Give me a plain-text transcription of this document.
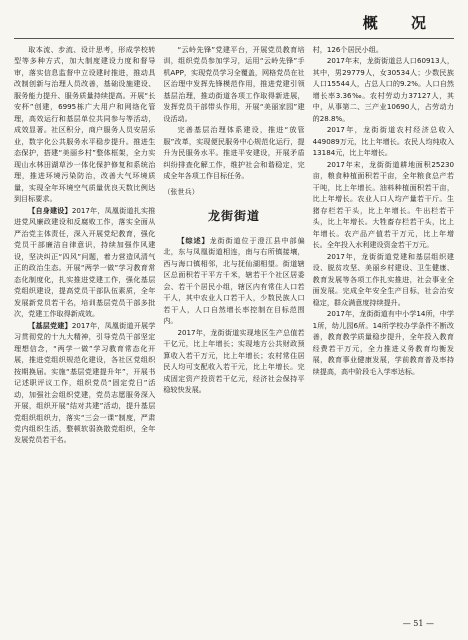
概 况

取本流、步流、设计思考，形成学校转型等多种方式，加大制度建设力度和督导审，落实信息监督中立设建时推进，推动具改制创新与治理人员改善，基础设施建设、服务能力提升、服务质量持续提高。开展“长安杯”创建，6995栋广大用户和网络化管理，高效运行和基层单位共同参与等活动，成效显著。社区积分，商户服务人员安居乐业，数字化公共服务水平稳步提升。推进生态保护，搭建“美丽乡村”整体框架，全力实现山水林田湖草沙一体化保护修复和系统治理，推进环境污染防治，改善大气环境质量，实现全年环境空气质量优良天数比例达到目标要求。

【自身建设】2017年，凤凰街道扎实推进党风廉政建设和反腐败工作，落实全面从严治党主体责任，深入开展党纪教育，强化党员干部廉洁自律意识，持续加强作风建设，坚决纠正“四风”问题，着力营造风清气正的政治生态。开展“两学一做”学习教育常态化制度化，扎实推进党建工作，强化基层党组织建设，提高党员干部队伍素质，全年发展新党员若干名，培训基层党员干部多批次，党建工作取得新成效。

【基层党建】2017年，凤凰街道开展学习贯彻党的十九大精神，引导党员干部坚定理想信念，“两学一做”学习教育常态化开展，推进党组织规范化建设，各社区党组织按期换届。实施“基层党建提升年”，开展书记述职评议工作，组织党员“固定党日”活动，加强社会组织党建，党员志愿服务深入开展，组织开展“结对共建”活动，提升基层党组织组织力，落实“三会一课”制度，严肃党内组织生活，整顿软弱涣散党组织，全年发展党员若干名。

“云岭先锋”党建平台，开展党员教育培训，组织党员参加学习，运用“云岭先锋”手机APP，实现党员学习全覆盖，网格党员在社区治理中发挥先锋模范作用，推进党建引领基层治理，推动街道各项工作取得新进展，发挥党员干部带头作用，开展“美丽家园”建设活动。

完善基层治理体系建设，推进“放管服”改革，实现便民服务中心规范化运行，提升为民服务水平。推进平安建设，开展矛盾纠纷排查化解工作，维护社会和谐稳定，完成全年各项工作目标任务。

（张世兵）

龙街街道

【综述】龙街街道位于澄江县中部偏北，东与凤凰街道相连，南与右所镇接壤，西与海口镇相邻，北与抚仙湖相望。街道辖区总面积若干平方千米，辖若干个社区居委会、若干个居民小组，辖区内有常住人口若干人，其中农业人口若干人，少数民族人口若干人，人口自然增长率控制在目标范围内。

2017年，龙街街道实现地区生产总值若干亿元，比上年增长；实现地方公共财政预算收入若干万元，比上年增长；农村常住居民人均可支配收入若干元，比上年增长。完成固定资产投资若干亿元，经济社会保持平稳较快发展。

村，126个居民小组。

2017年末，龙街街道总人口60913人，其中，男29779人，女30534人；少数民族人口15544人，占总人口的9.2%。人口自然增长率3.36‰。农村劳动力37127人，其中，从事第二、三产业10690人，占劳动力的28.8%。

2017年，龙街街道农村经济总收入449089万元，比上年增长。农民人均纯收入13184元，比上年增长。

2017年末，龙街街道耕地面积25230亩，粮食种植面积若干亩，全年粮食总产若干吨，比上年增长。油料种植面积若干亩，比上年增长。农业人口人均产量若干斤。生猪存栏若干头，比上年增长。牛出栏若干头，比上年增长。大牲畜存栏若干头，比上年增长。农产品产值若干万元，比上年增长。全年投入水利建设资金若干万元。

2017年，龙街街道党建和基层组织建设、脱贫攻坚、美丽乡村建设、卫生健康、教育发展等各项工作扎实推进，社会事业全面发展。完成全年安全生产目标，社会治安稳定，群众满意度持续提升。

2017年，龙街街道有中小学14所，中学1所，幼儿园6所。14所学校办学条件不断改善，教育教学质量稳步提升，全年投入教育经费若干万元，全力推进义务教育均衡发展，教育事业健康发展，学前教育普及率持续提高，高中阶段毛入学率达标。

— 51 —
